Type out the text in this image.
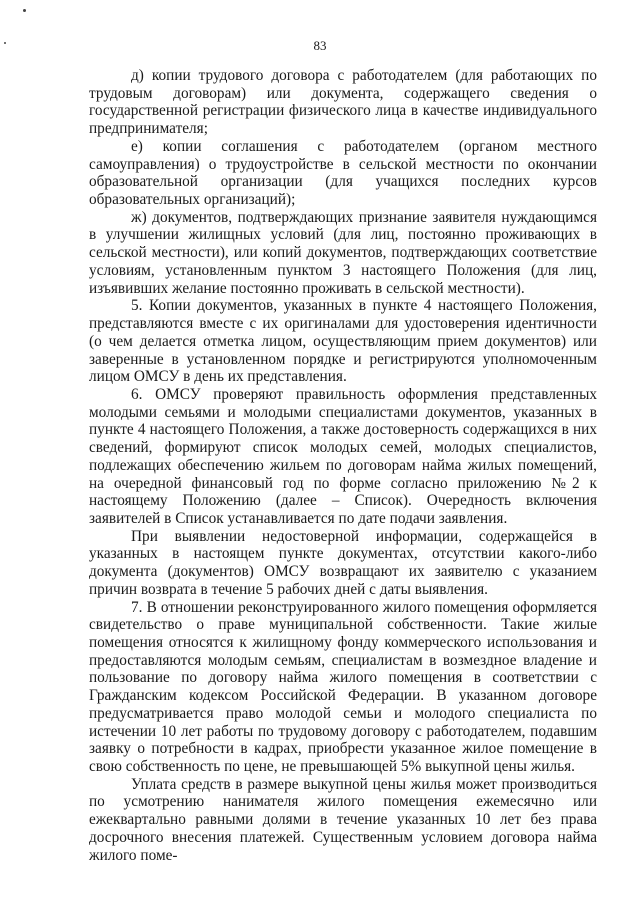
83

д) копии трудового договора с работодателем (для работающих по трудовым договорам) или документа, содержащего сведения о государственной регистрации физического лица в качестве индивидуального предпринимателя;

е) копии соглашения с работодателем (органом местного самоуправления) о трудоустройстве в сельской местности по окончании образовательной организации (для учащихся последних курсов образовательных организаций);

ж) документов, подтверждающих признание заявителя нуждающимся в улучшении жилищных условий (для лиц, постоянно проживающих в сельской местности), или копий документов, подтверждающих соответствие условиям, установленным пунктом 3 настоящего Положения (для лиц, изъявивших желание постоянно проживать в сельской местности).

5. Копии документов, указанных в пункте 4 настоящего Положения, представляются вместе с их оригиналами для удостоверения идентичности (о чем делается отметка лицом, осуществляющим прием документов) или заверенные в установленном порядке и регистрируются уполномоченным лицом ОМСУ в день их представления.

6. ОМСУ проверяют правильность оформления представленных молодыми семьями и молодыми специалистами документов, указанных в пункте 4 настоящего Положения, а также достоверность содержащихся в них сведений, формируют список молодых семей, молодых специалистов, подлежащих обеспечению жильем по договорам найма жилых помещений, на очередной финансовый год по форме согласно приложению №2 к настоящему Положению (далее – Список). Очередность включения заявителей в Список устанавливается по дате подачи заявления.

При выявлении недостоверной информации, содержащейся в указанных в настоящем пункте документах, отсутствии какого-либо документа (документов) ОМСУ возвращают их заявителю с указанием причин возврата в течение 5 рабочих дней с даты выявления.

7. В отношении реконструированного жилого помещения оформляется свидетельство о праве муниципальной собственности. Такие жилые помещения относятся к жилищному фонду коммерческого использования и предоставляются молодым семьям, специалистам в возмездное владение и пользование по договору найма жилого помещения в соответствии с Гражданским кодексом Российской Федерации. В указанном договоре предусматривается право молодой семьи и молодого специалиста по истечении 10 лет работы по трудовому договору с работодателем, подавшим заявку о потребности в кадрах, приобрести указанное жилое помещение в свою собственность по цене, не превышающей 5% выкупной цены жилья.

Уплата средств в размере выкупной цены жилья может производиться по усмотрению нанимателя жилого помещения ежемесячно или ежеквартально равными долями в течение указанных 10 лет без права досрочного внесения платежей. Существенным условием договора найма жилого поме-
